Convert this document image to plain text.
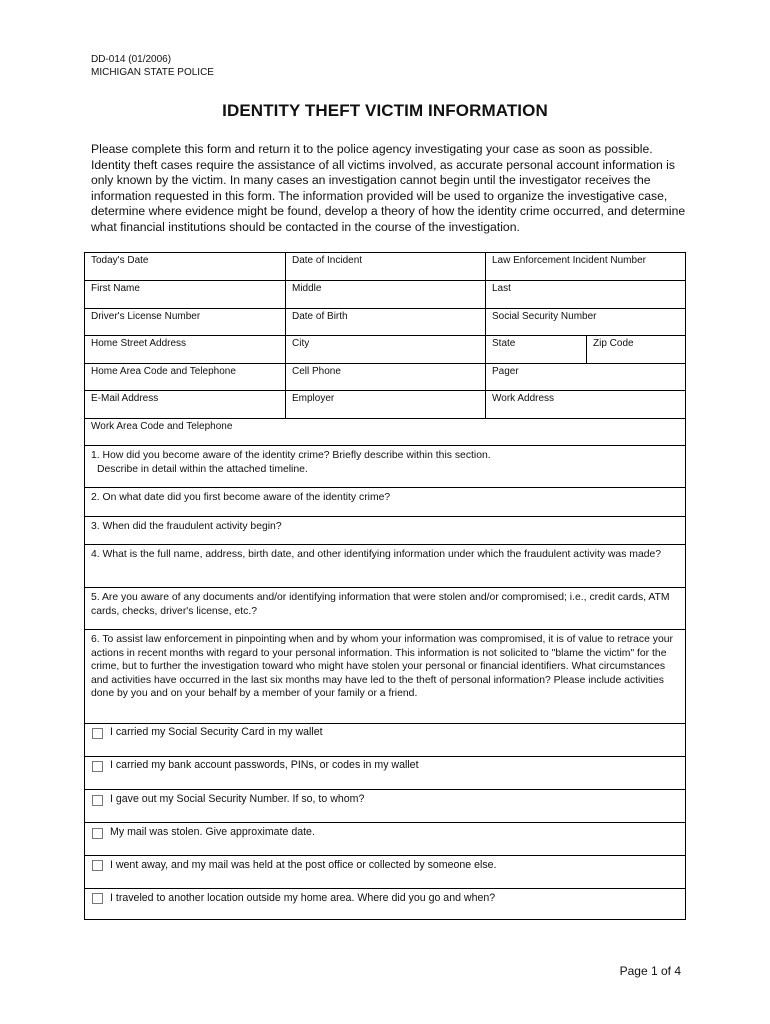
DD-014 (01/2006)
MICHIGAN STATE POLICE
IDENTITY THEFT VICTIM INFORMATION

Please complete this form and return it to the police agency investigating your case as soon as possible. Identity theft cases require the assistance of all victims involved, as accurate personal account information is only known by the victim. In many cases an investigation cannot begin until the investigator receives the information requested in this form. The information provided will be used to organize the investigative case, determine where evidence might be found, develop a theory of how the identity crime occurred, and determine what financial institutions should be contacted in the course of the investigation.

Today's Date	Date of Incident	Law Enforcement Incident Number
First Name	Middle	Last
Driver's License Number	Date of Birth	Social Security Number
Home Street Address	City	State	Zip Code
Home Area Code and Telephone	Cell Phone	Pager
E-Mail Address	Employer	Work Address
Work Area Code and Telephone
1. How did you become aware of the identity crime? Briefly describe within this section.
Describe in detail within the attached timeline.
2. On what date did you first become aware of the identity crime?
3. When did the fraudulent activity begin?
4. What is the full name, address, birth date, and other identifying information under which the fraudulent activity was made?
5. Are you aware of any documents and/or identifying information that were stolen and/or compromised; i.e., credit cards, ATM cards, checks, driver's license, etc.?
6. To assist law enforcement in pinpointing when and by whom your information was compromised, it is of value to retrace your actions in recent months with regard to your personal information. This information is not solicited to "blame the victim" for the crime, but to further the investigation toward who might have stolen your personal or financial identifiers. What circumstances and activities have occurred in the last six months may have led to the theft of personal information? Please include activities done by you and on your behalf by a member of your family or a friend.
I carried my Social Security Card in my wallet
I carried my bank account passwords, PINs, or codes in my wallet
I gave out my Social Security Number. If so, to whom?
My mail was stolen. Give approximate date.
I went away, and my mail was held at the post office or collected by someone else.
I traveled to another location outside my home area. Where did you go and when?
Page 1 of 4
